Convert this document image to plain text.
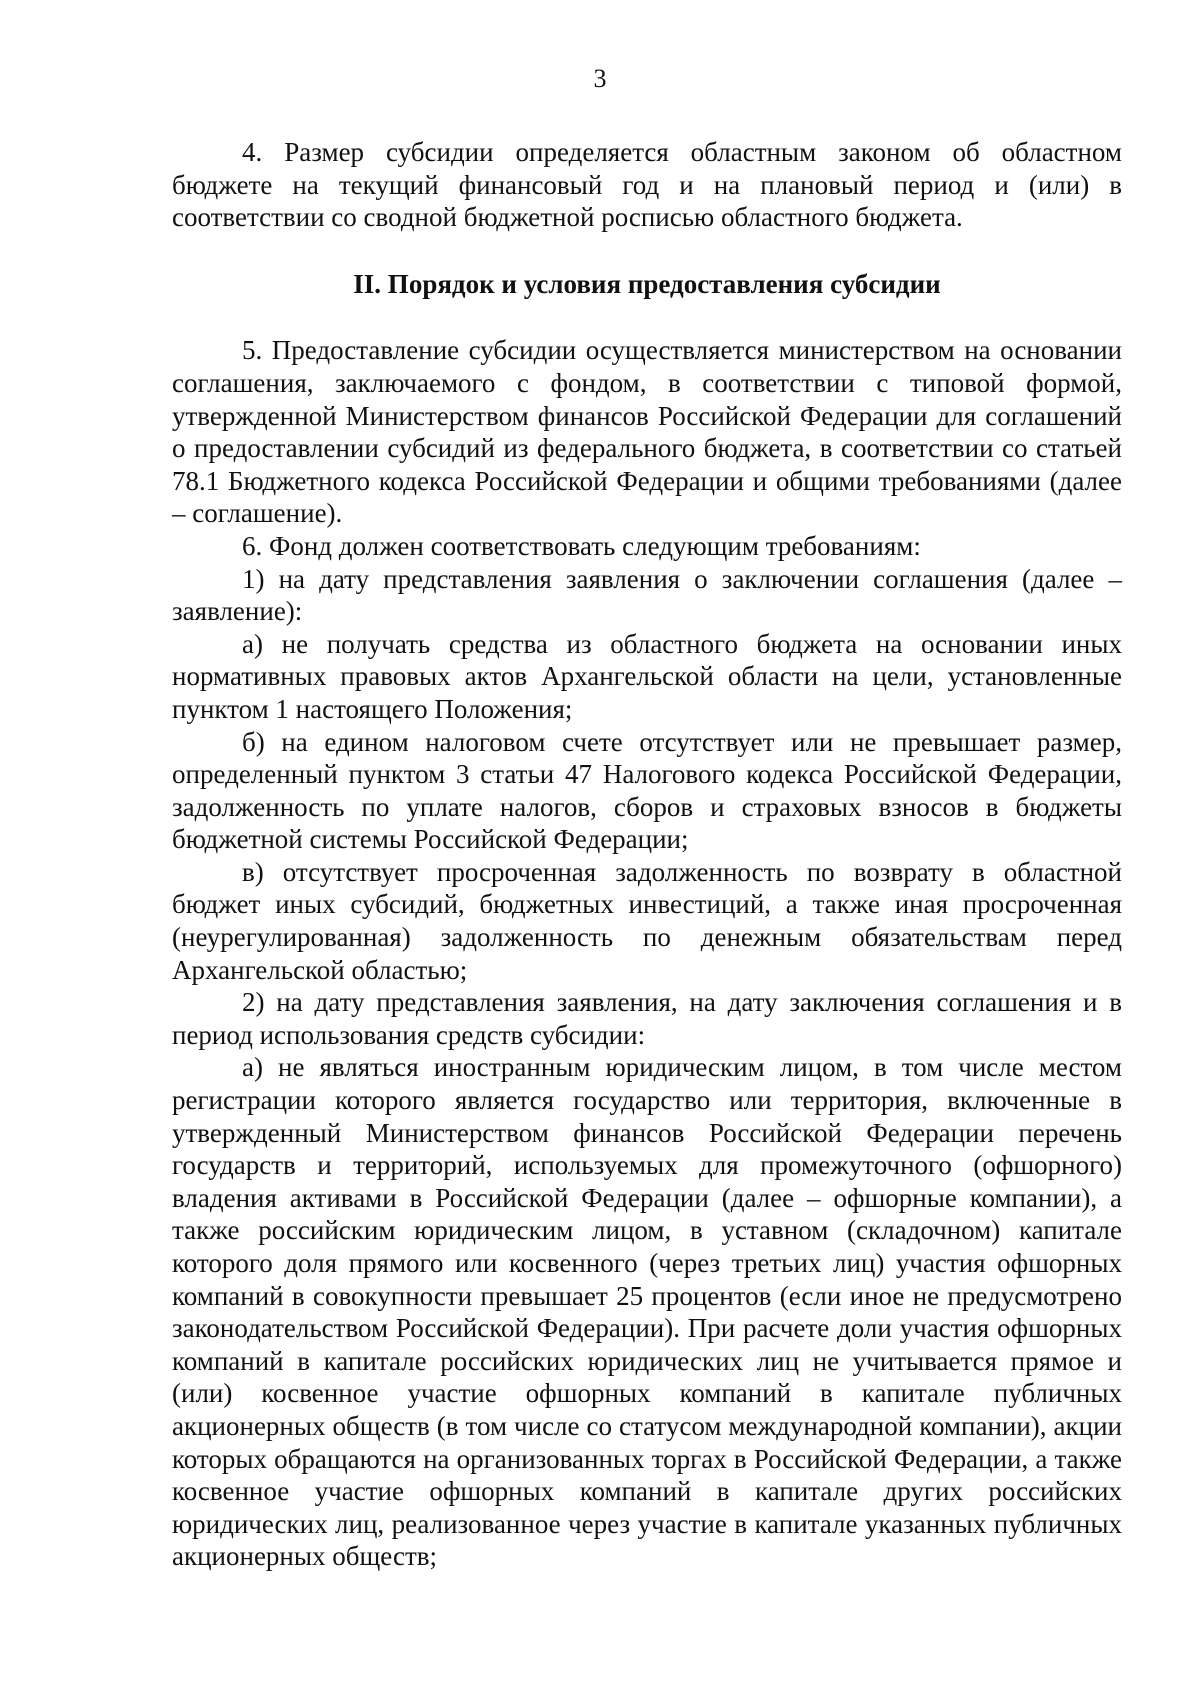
3

4. Размер субсидии определяется областным законом об областном бюджете на текущий финансовый год и на плановый период и (или) в соответствии со сводной бюджетной росписью областного бюджета.

II. Порядок и условия предоставления субсидии

5. Предоставление субсидии осуществляется министерством на основании соглашения, заключаемого с фондом, в соответствии с типовой формой, утвержденной Министерством финансов Российской Федерации для соглашений о предоставлении субсидий из федерального бюджета, в соответствии со статьей 78.1 Бюджетного кодекса Российской Федерации и общими требованиями (далее – соглашение).

6. Фонд должен соответствовать следующим требованиям:

1) на дату представления заявления о заключении соглашения (далее – заявление):

а) не получать средства из областного бюджета на основании иных нормативных правовых актов Архангельской области на цели, установленные пунктом 1 настоящего Положения;

б) на едином налоговом счете отсутствует или не превышает размер, определенный пунктом 3 статьи 47 Налогового кодекса Российской Федерации, задолженность по уплате налогов, сборов и страховых взносов в бюджеты бюджетной системы Российской Федерации;

в) отсутствует просроченная задолженность по возврату в областной бюджет иных субсидий, бюджетных инвестиций, а также иная просроченная (неурегулированная) задолженность по денежным обязательствам перед Архангельской областью;

2) на дату представления заявления, на дату заключения соглашения и в период использования средств субсидии:

а) не являться иностранным юридическим лицом, в том числе местом регистрации которого является государство или территория, включенные в утвержденный Министерством финансов Российской Федерации перечень государств и территорий, используемых для промежуточного (офшорного) владения активами в Российской Федерации (далее – офшорные компании), а также российским юридическим лицом, в уставном (складочном) капитале которого доля прямого или косвенного (через третьих лиц) участия офшорных компаний в совокупности превышает 25 процентов (если иное не предусмотрено законодательством Российской Федерации). При расчете доли участия офшорных компаний в капитале российских юридических лиц не учитывается прямое и (или) косвенное участие офшорных компаний в капитале публичных акционерных обществ (в том числе со статусом международной компании), акции которых обращаются на организованных торгах в Российской Федерации, а также косвенное участие офшорных компаний в капитале других российских юридических лиц, реализованное через участие в капитале указанных публичных акционерных обществ;
